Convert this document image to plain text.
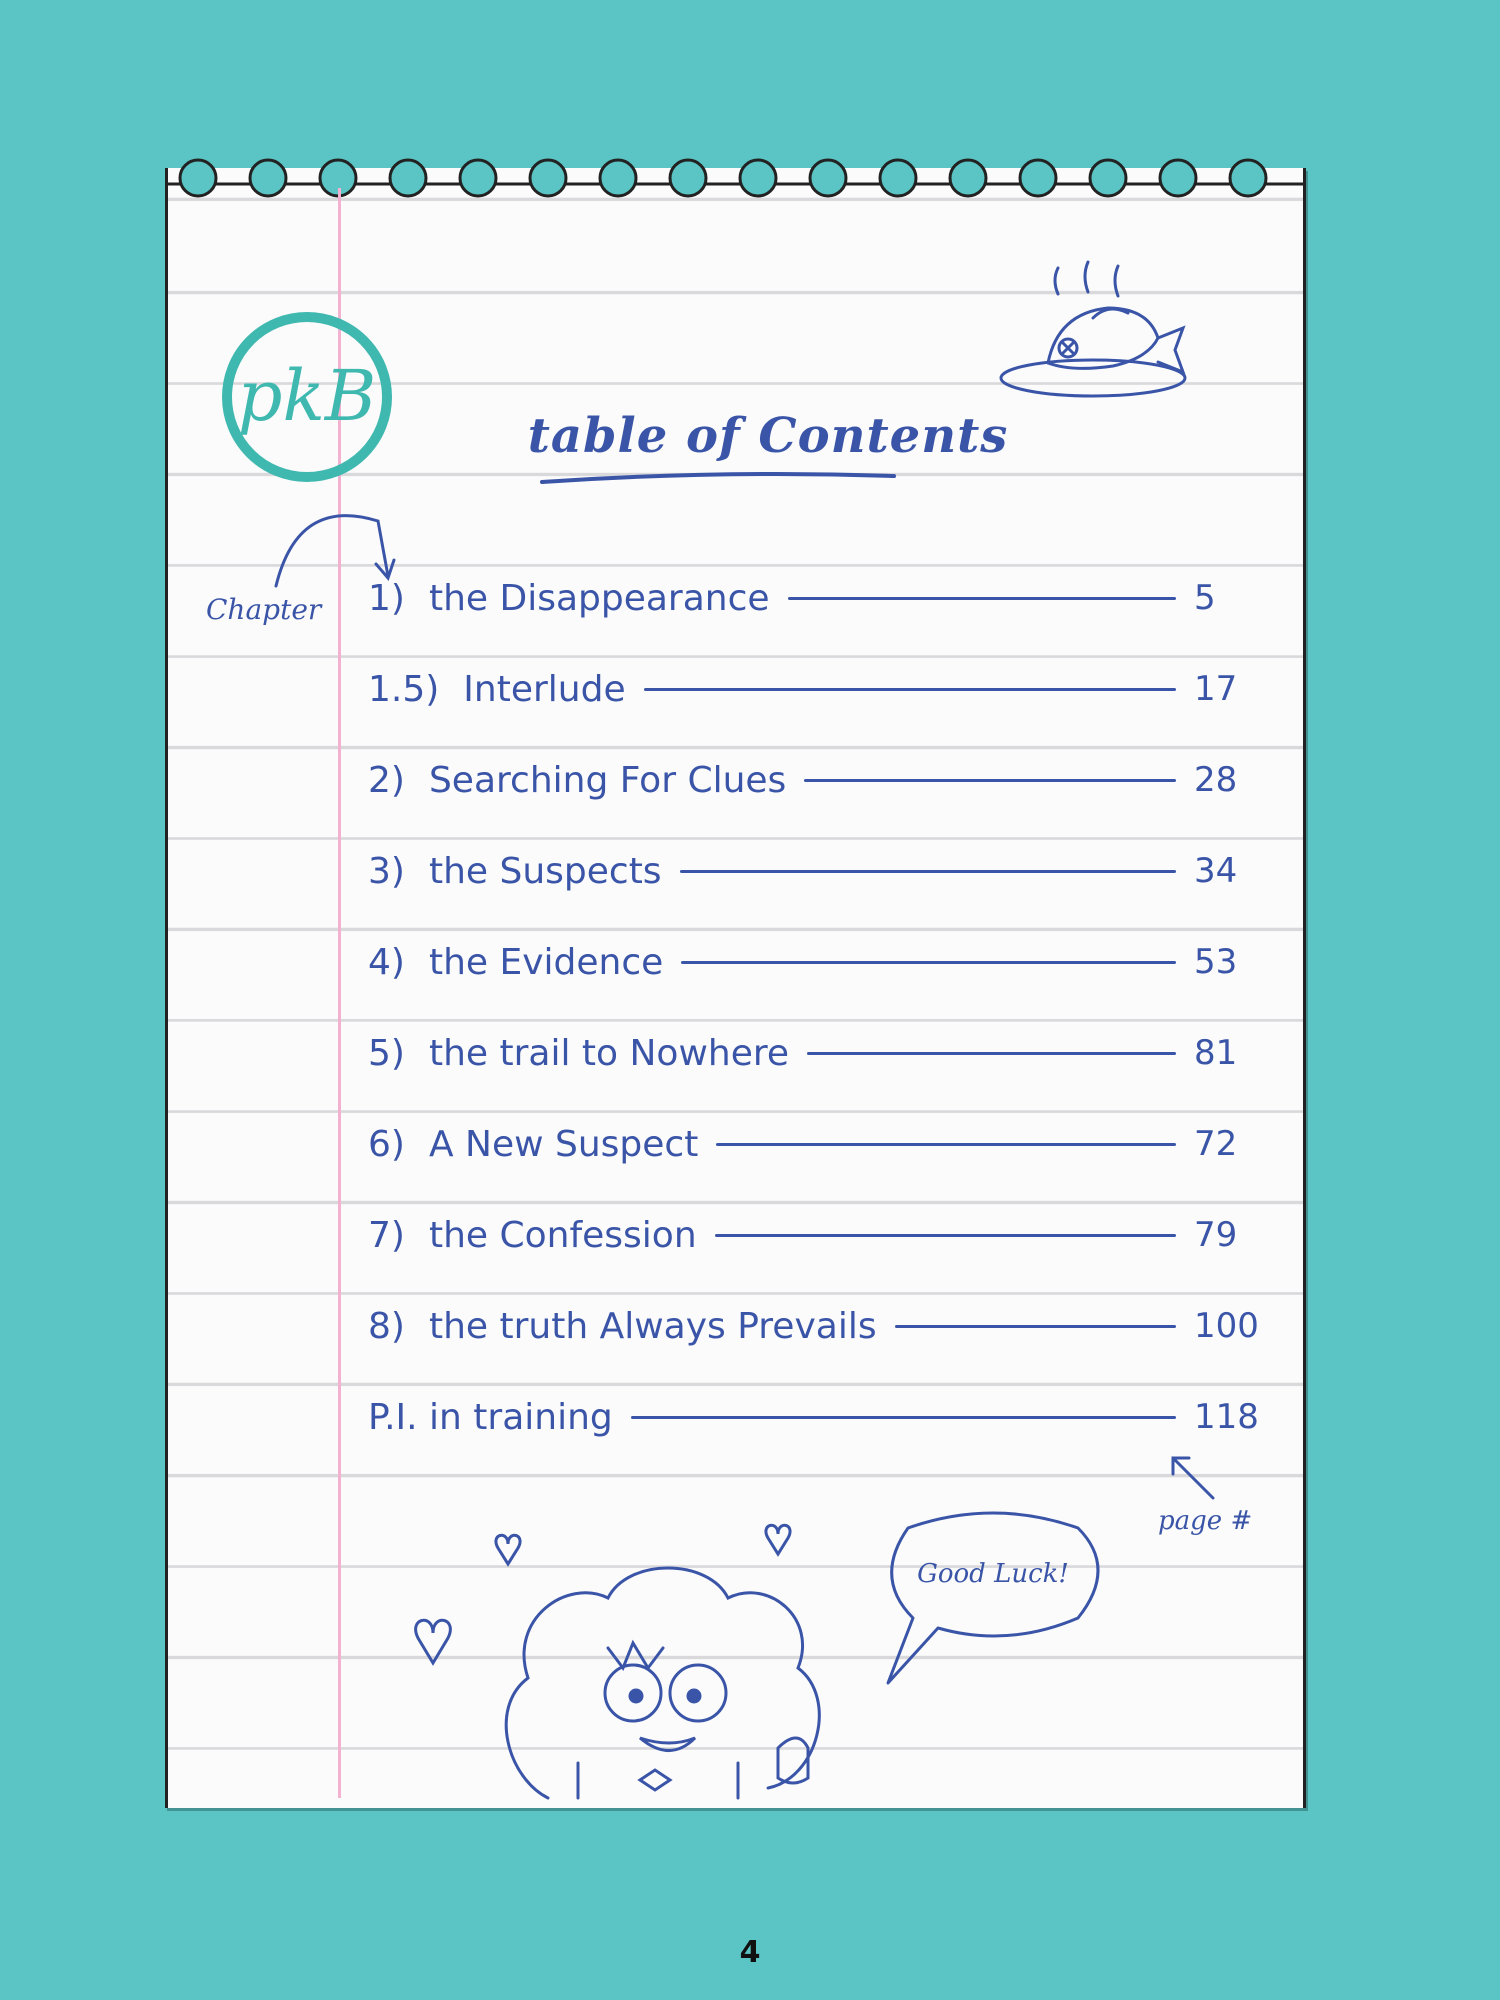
pkB	table of Contents
Chapter 1) the Disappearance	5
1.5) Interlude	17
2) Searching For Clues	28
3) the Suspects	34
4) the Evidence	53
5) the trail to Nowhere	81
6) A New Suspect	72
7) the Confession	79
8) the truth Always Prevails	100
P.I. in training	118
page #
Good Luck!
4
